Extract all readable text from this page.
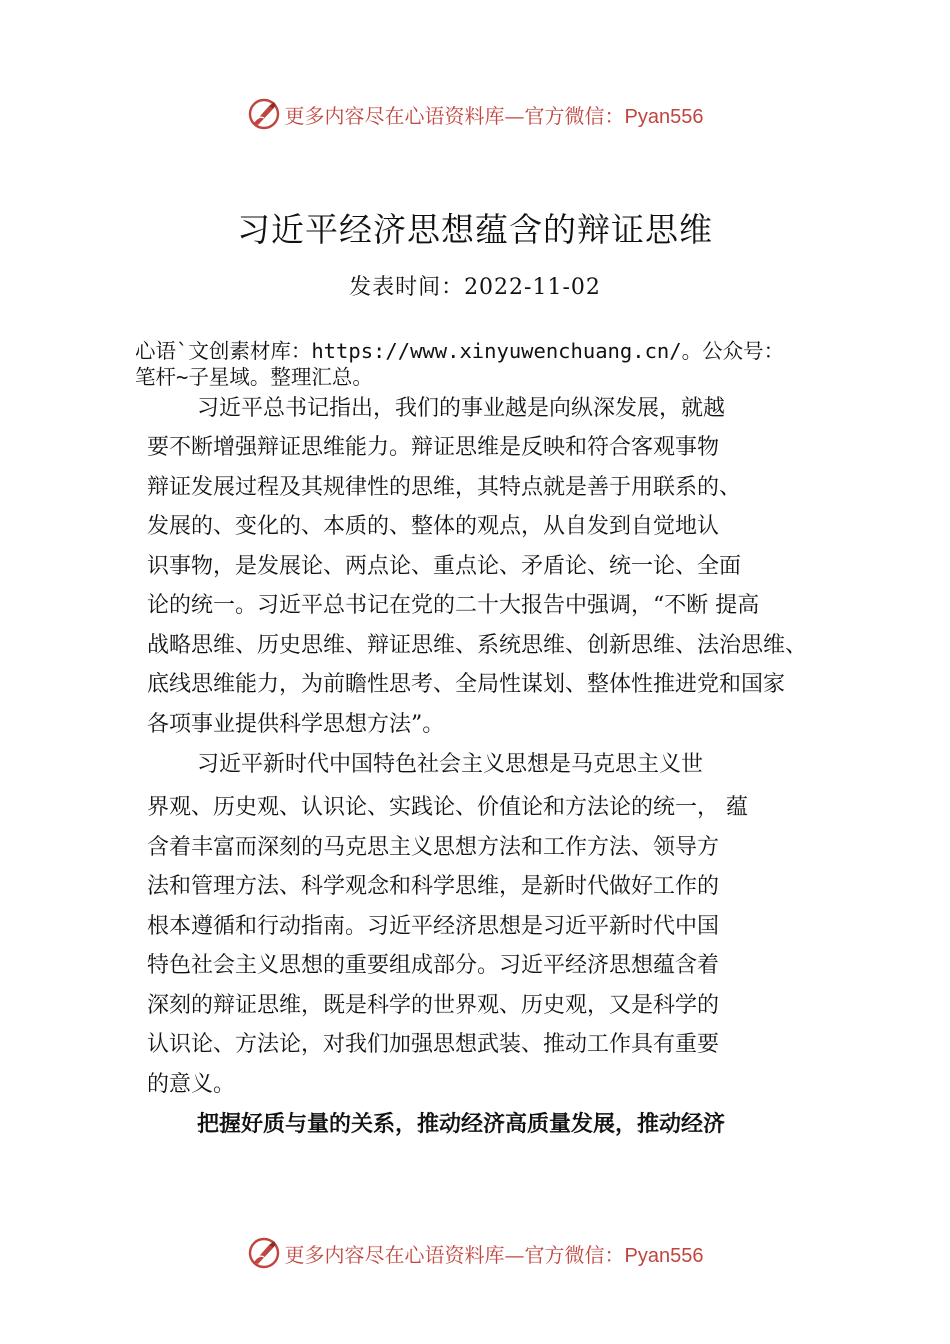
更多内容尽在心语资料库—官方微信：Pyan556
习近平经济思想蕴含的辩证思维
发表时间：2022-11-02
心语`文创素材库：https://www.xinyuwenchuang.cn/。公众号：
笔杆~子星域。整理汇总。
习近平总书记指出，我们的事业越是向纵深发展，就越
要不断增强辩证思维能力。辩证思维是反映和符合客观事物
辩证发展过程及其规律性的思维，其特点就是善于用联系的、
发展的、变化的、本质的、整体的观点，从自发到自觉地认
识事物，是发展论、两点论、重点论、矛盾论、统一论、全面
论的统一。习近平总书记在党的二十大报告中强调，“不断 提高
战略思维、历史思维、辩证思维、系统思维、创新思维、法治思维、
底线思维能力，为前瞻性思考、全局性谋划、整体性推进党和国家
各项事业提供科学思想方法”。
习近平新时代中国特色社会主义思想是马克思主义世
界观、历史观、认识论、实践论、价值论和方法论的统一， 蕴
含着丰富而深刻的马克思主义思想方法和工作方法、领导方
法和管理方法、科学观念和科学思维，是新时代做好工作的
根本遵循和行动指南。习近平经济思想是习近平新时代中国
特色社会主义思想的重要组成部分。习近平经济思想蕴含着
深刻的辩证思维，既是科学的世界观、历史观，又是科学的
认识论、方法论，对我们加强思想武装、推动工作具有重要
的意义。
把握好质与量的关系，推动经济高质量发展，推动经济
更多内容尽在心语资料库—官方微信：Pyan556
